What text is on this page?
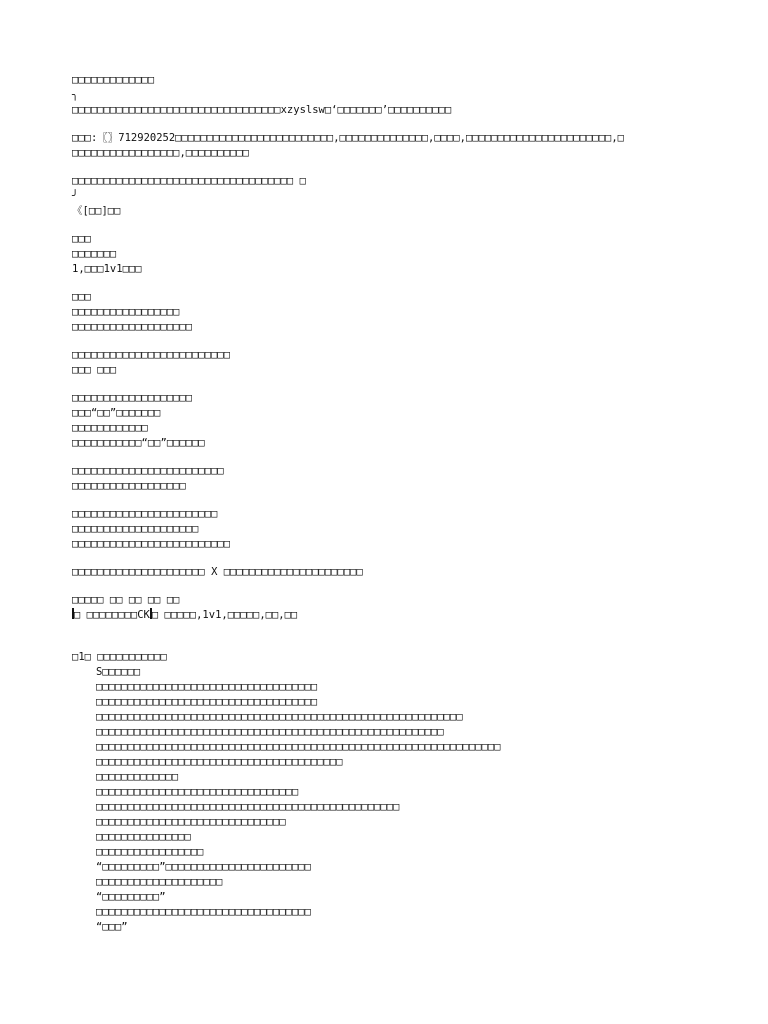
□□□□□□□□□□□□□
╮
□□□□□□□□□□□□□□□□□□□□□□□□□□□□□□□□□xzyslsw□‘□□□□□□□’□□□□□□□□□□
□□□:〖〗712920252□□□□□□□□□□□□□□□□□□□□□□□□□,□□□□□□□□□□□□□□,□□□□,□□□□□□□□□□□□□□□□□□□□□□□,□
□□□□□□□□□□□□□□□□□,□□□□□□□□□□
□□□□□□□□□□□□□□□□□□□□□□□□□□□□□□□□□□□ □
╯
《[□□]□□
□□□
□□□□□□□
1,□□□1v1□□□
□□□
□□□□□□□□□□□□□□□□□
□□□□□□□□□□□□□□□□□□□
□□□□□□□□□□□□□□□□□□□□□□□□□
□□□ □□□
□□□□□□□□□□□□□□□□□□□
□□□“□□”□□□□□□□
□□□□□□□□□□□□
□□□□□□□□□□□“□□”□□□□□□
□□□□□□□□□□□□□□□□□□□□□□□□
□□□□□□□□□□□□□□□□□□
□□□□□□□□□□□□□□□□□□□□□□□
□□□□□□□□□□□□□□□□□□□□
□□□□□□□□□□□□□□□□□□□□□□□□□
□□□□□□□□□□□□□□□□□□□□□ X □□□□□□□□□□□□□□□□□□□□□□
□□□□□ □□ □□ □□ □□
□ □□□□□□□□CK □ □□□□□,1v1,□□□□□,□□,□□
□1□ □□□□□□□□□□□
S□□□□□□
□□□□□□□□□□□□□□□□□□□□□□□□□□□□□□□□□□□
□□□□□□□□□□□□□□□□□□□□□□□□□□□□□□□□□□□
□□□□□□□□□□□□□□□□□□□□□□□□□□□□□□□□□□□□□□□□□□□□□□□□□□□□□□□□□□
□□□□□□□□□□□□□□□□□□□□□□□□□□□□□□□□□□□□□□□□□□□□□□□□□□□□□□□
□□□□□□□□□□□□□□□□□□□□□□□□□□□□□□□□□□□□□□□□□□□□□□□□□□□□□□□□□□□□□□□□
□□□□□□□□□□□□□□□□□□□□□□□□□□□□□□□□□□□□□□□
□□□□□□□□□□□□□
□□□□□□□□□□□□□□□□□□□□□□□□□□□□□□□□
□□□□□□□□□□□□□□□□□□□□□□□□□□□□□□□□□□□□□□□□□□□□□□□□
□□□□□□□□□□□□□□□□□□□□□□□□□□□□□□
□□□□□□□□□□□□□□□
□□□□□□□□□□□□□□□□□
“□□□□□□□□□”□□□□□□□□□□□□□□□□□□□□□□□
□□□□□□□□□□□□□□□□□□□□
“□□□□□□□□□”
□□□□□□□□□□□□□□□□□□□□□□□□□□□□□□□□□□
“□□□”
